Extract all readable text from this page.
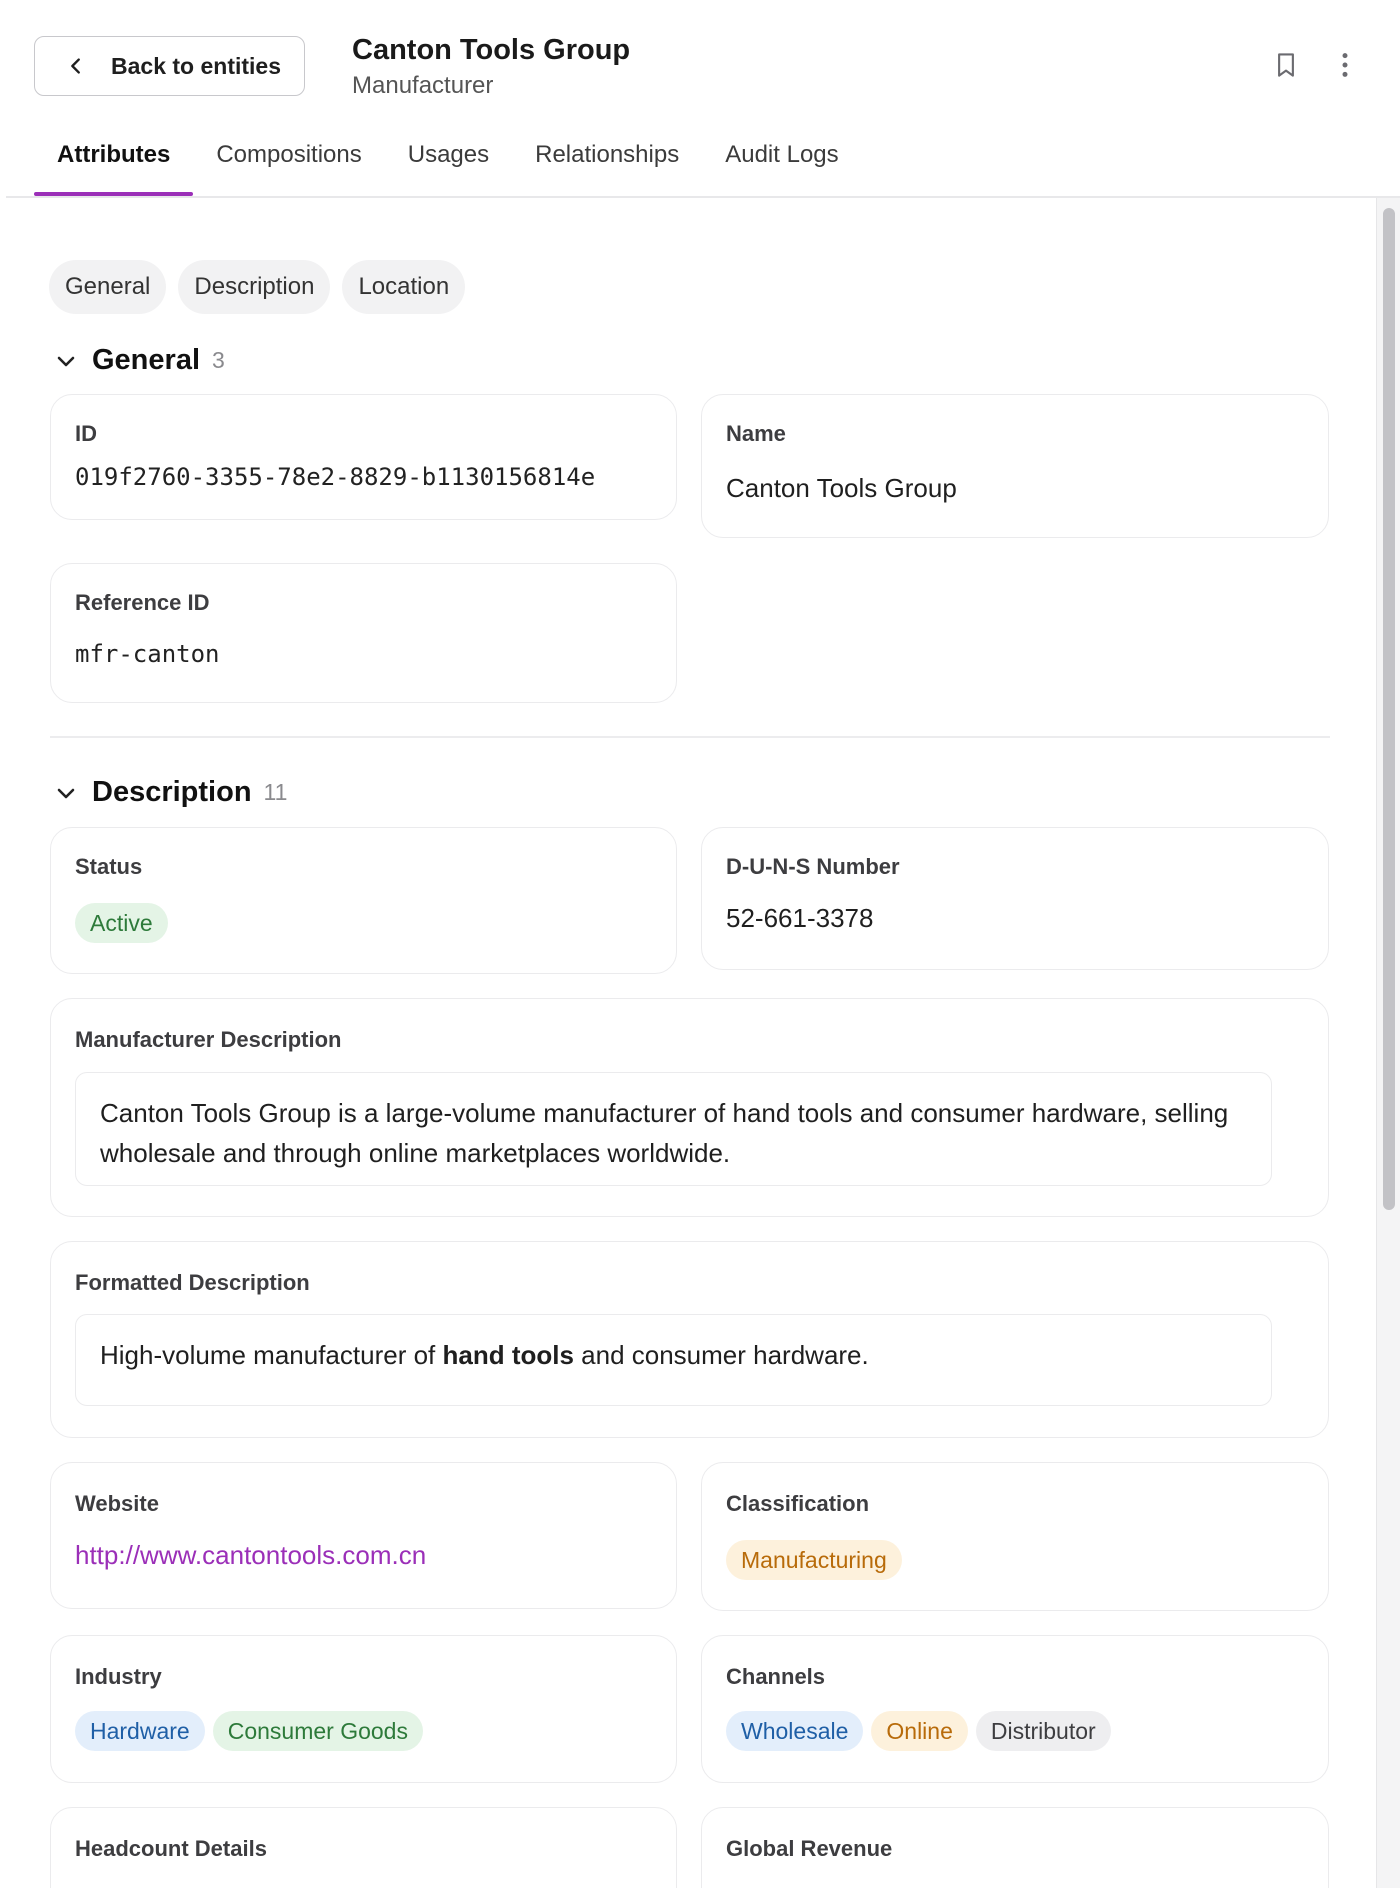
Back to entities Canton Tools Group
Manufacturer
Attributes	Compositions	Usages	Relationships	Audit Logs
General	Description	Location
General 3
ID
019f2760-3355-78e2-8829-b1130156814e
Name
Canton Tools Group
Reference ID
mfr-canton
Description 11
Status
Active
D-U-N-S Number
52-661-3378
Manufacturer Description
Canton Tools Group is a large-volume manufacturer of hand tools and consumer hardware, selling wholesale and through online marketplaces worldwide.
Formatted Description
High-volume manufacturer of hand tools and consumer hardware.
Website
http://www.cantontools.com.cn
Classification
Manufacturing
Industry
Hardware	Consumer Goods
Channels
Wholesale	Online	Distributor
Headcount Details	Global Revenue
